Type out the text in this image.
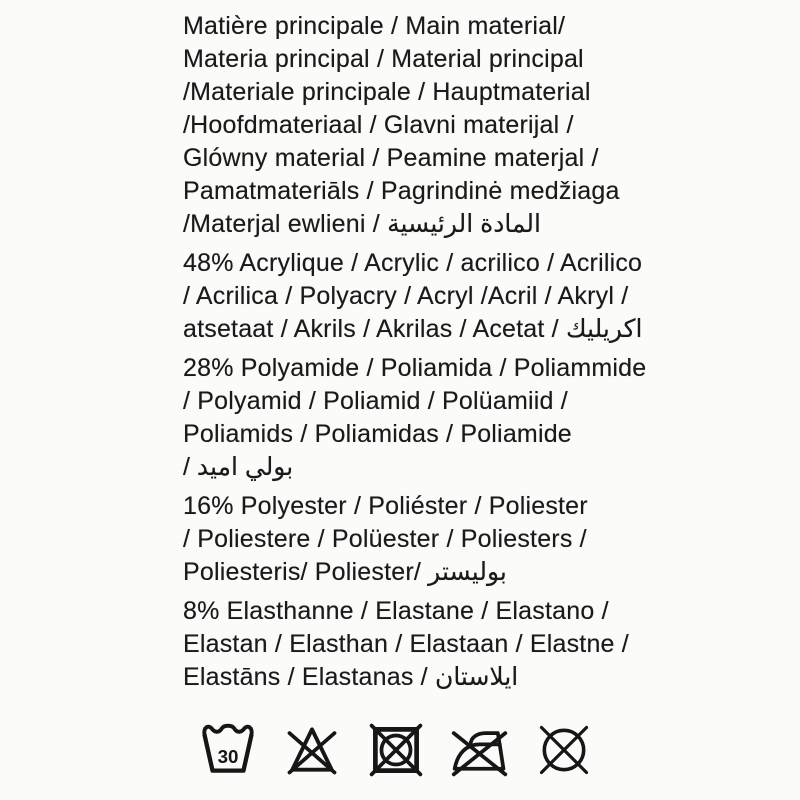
Matière principale / Main material/
Materia principal / Material principal
/Materiale principale / Hauptmaterial
/Hoofdmateriaal / Glavni materijal /
Glówny material / Peamine materjal /
Pamatmateriāls / Pagrindinė medžiaga
/Materjal ewlieni / المادة الرئيسية
48% Acrylique / Acrylic / acrilico / Acrilico
/ Acrilica / Polyacry / Acryl /Acril / Akryl /
atsetaat / Akrils / Akrilas / Acetat / اكريليك
28% Polyamide / Poliamida / Poliammide
/ Polyamid / Poliamid / Polüamiid /
Poliamids / Poliamidas / Poliamide
/ بولي اميد
16% Polyester / Poliéster / Poliester
/ Poliestere / Polüester / Poliesters /
Poliesteris/ Poliester/ بوليستر
8% Elasthanne / Elastane / Elastano /
Elastan / Elasthan / Elastaan / Elastne /
Elastāns / Elastanas / ايلاستان
30
